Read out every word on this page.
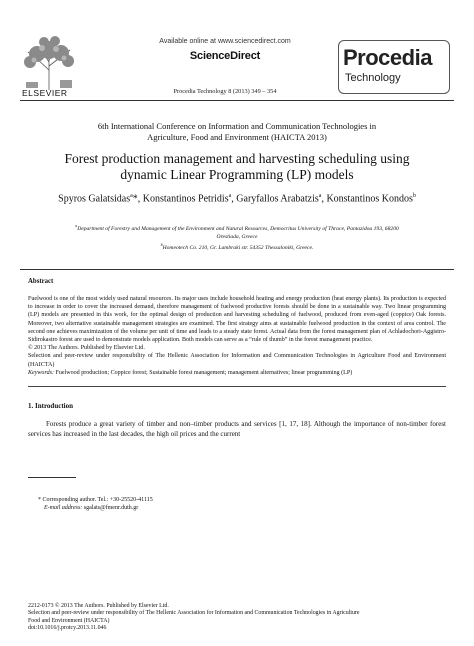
ELSEVIER
Available online at www.sciencedirect.com
ScienceDirect
Procedia Technology 8 (2013) 349 – 354
Procedia
Technology
6th International Conference on Information and Communication Technologies in
Agriculture, Food and Environment (HAICTA 2013)
Forest production management and harvesting scheduling using
dynamic Linear Programming (LP) models
Spyros Galatsidas$^a$*, Konstantinos Petridis$^a$, Garyfallos Arabatzis$^a$, Konstantinos Kondos$^b$
$^a$Department of Forestry and Management of the Environment and Natural Resources, Democritus University of Thrace, Pantazidou 193, 68200
Orestiada, Greece
$^b$Homeotech Co. 210, Gr. Lambraki str. 54352 Thessaloniki, Greece.
Abstract

Fuelwood is one of the most widely used natural resources. Its major uses include household heating and energy production (heat energy plants). Its production is expected to increase in order to cover the increased demand, therefore management of fuelwood productive forests should be done in a sustainable way. Two linear programming (LP) models are presented in this work, for the optimal design of production and harvesting scheduling of fuelwood, produced from even-aged (coppice) Oak forests. Moreover, two alternative sustainable management strategies are examined. The first strategy aims at sustainable fuelwood production in the context of area control. The second one achieves maximization of the volume per unit of time and leads to a steady state forest. Actual data from the forest management plan of Achladochori-Aggistro-Sidirokastro forest are used to demonstrate models application. Both models can serve as a “rule of thumb” in the forest management practice.

© 2013 The Authors. Published by Elsevier Ltd.

Selection and peer-review under responsibility of The Hellenic Association for Information and Communication Technologies in Agriculture Food and Environment (HAICTA)

Keywords: Fuelwood production; Coppice forest; Sustainable forest management; management alternatives; linear programming (LP)

1. Introduction
Forests produce a great variety of timber and non–timber products and services [1, 17, 18]. Although the importance of non-timber forest services has increased in the last decades, the high oil prices and the current
* Corresponding author. Tel.: +30-25520-41115
E-mail address: sgalats@fmenr.duth.gr
2212-0173 © 2013 The Authors. Published by Elsevier Ltd.
Selection and peer-review under responsibility of The Hellenic Association for Information and Communication Technologies in Agriculture
Food and Environment (HAICTA)
doi:10.1016/j.protcy.2013.11.046
